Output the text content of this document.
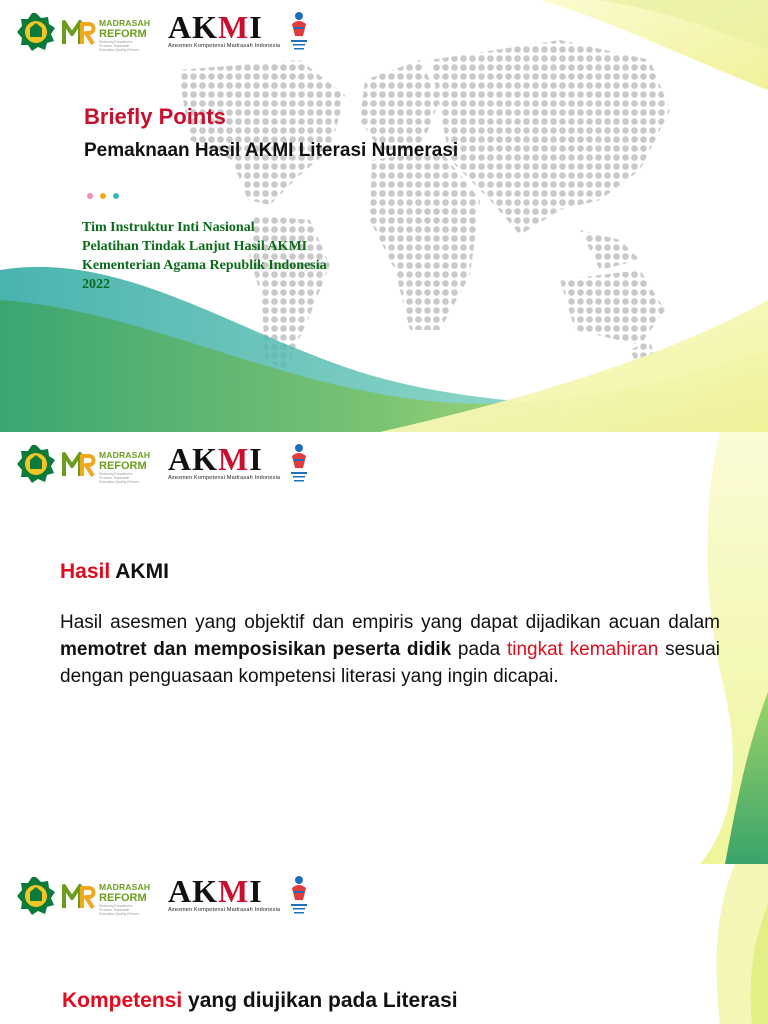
MADRASAH
REFORM
Realizing Education's Promise: Madrasah Education Quality Reform
AKMI
Asesmen Kompetensi Madrasah Indonesia
Briefly Points
Pemaknaan Hasil AKMI Literasi Numerasi
Tim Instruktur Inti Nasional
Pelatihan Tindak Lanjut Hasil AKMI
Kementerian Agama Republik Indonesia
2022
MADRASAH
REFORM
Realizing Education's Promise: Madrasah Education Quality Reform
AKMI
Asesmen Kompetensi Madrasah Indonesia
Hasil AKMI

Hasil asesmen yang objektif dan empiris yang dapat dijadikan acuan dalam memotret dan memposisikan peserta didik pada tingkat kemahiran sesuai dengan penguasaan kompetensi literasi yang ingin dicapai.

MADRASAH
REFORM
Realizing Education's Promise: Madrasah Education Quality Reform
AKMI
Asesmen Kompetensi Madrasah Indonesia
Kompetensi yang diujikan pada Literasi
